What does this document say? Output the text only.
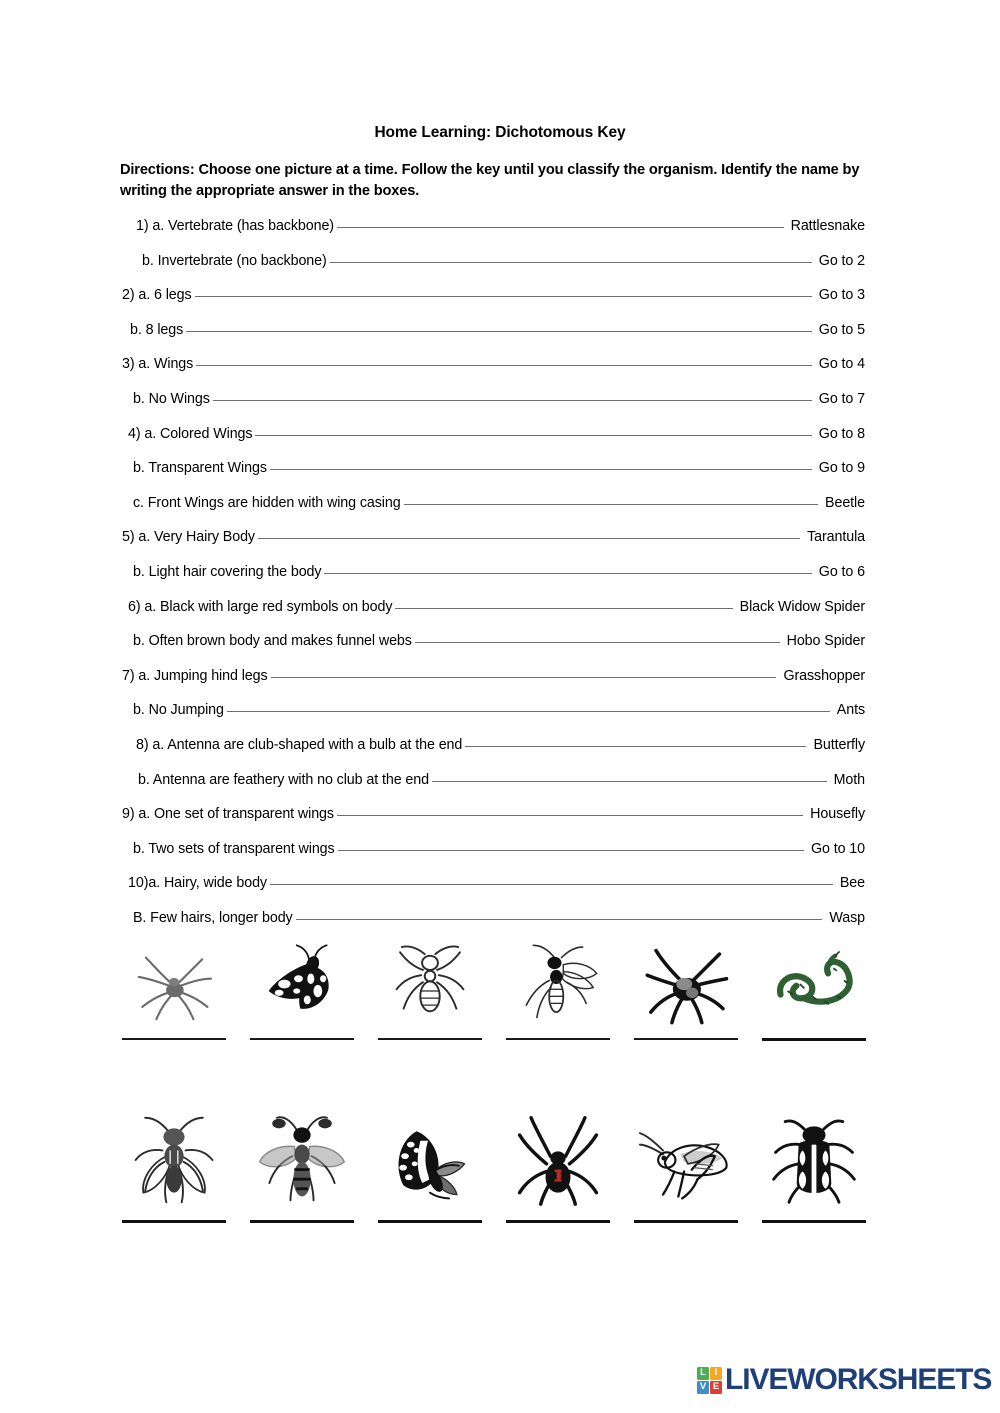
Home Learning: Dichotomous Key
Directions: Choose one picture at a time. Follow the key until you classify the organism. Identify the name by writing the appropriate answer in the boxes.
1) a. Vertebrate (has backbone)	Rattlesnake
b. Invertebrate (no backbone)	Go to 2
2) a. 6 legs	Go to 3
b. 8 legs	Go to 5
3) a. Wings	Go to 4
b. No Wings	Go to 7
4) a. Colored Wings	Go to 8
b. Transparent Wings	Go to 9
c. Front Wings are hidden with wing casing	Beetle
5) a. Very Hairy Body	Tarantula
b. Light hair covering the body	Go to 6
6) a. Black with large red symbols on body	Black Widow Spider
b. Often brown body and makes funnel webs	Hobo Spider
7) a. Jumping hind legs	Grasshopper
b. No Jumping	Ants
8) a. Antenna are club-shaped with a bulb at the end	Butterfly
b. Antenna are feathery with no club at the end	Moth
9) a. One set of transparent wings	Housefly
b. Two sets of transparent wings	Go to 10
10)a. Hairy, wide body	Bee
B. Few hairs, longer body	Wasp
L I
V E LIVEWORKSHEETS
